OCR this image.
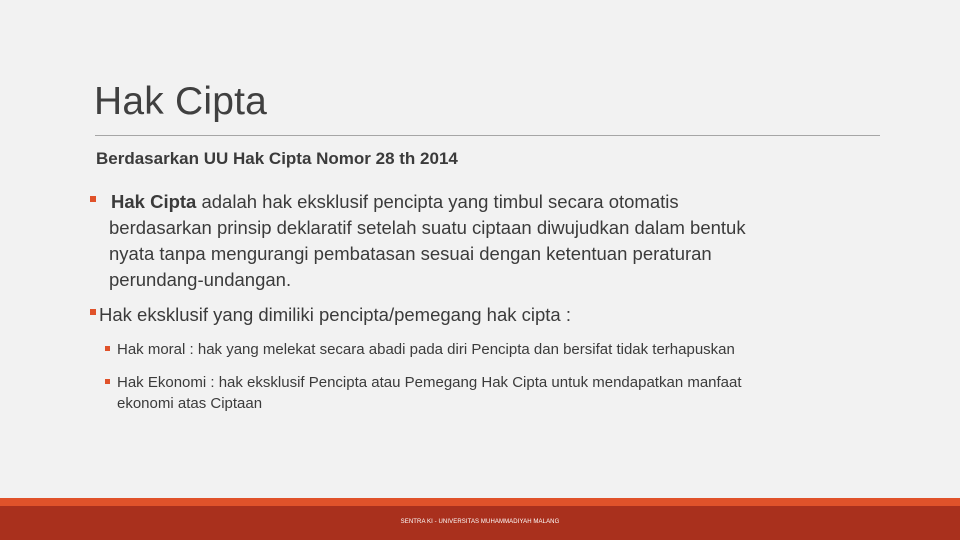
Hak Cipta
Berdasarkan UU Hak Cipta Nomor 28 th 2014
Hak Cipta adalah hak eksklusif pencipta yang timbul secara otomatis
berdasarkan prinsip deklaratif setelah suatu ciptaan diwujudkan dalam bentuk
nyata tanpa mengurangi pembatasan sesuai dengan ketentuan peraturan
perundang-undangan.
Hak eksklusif yang dimiliki pencipta/pemegang hak cipta :
Hak moral : hak yang melekat secara abadi pada diri Pencipta dan bersifat tidak terhapuskan
Hak Ekonomi : hak eksklusif Pencipta atau Pemegang Hak Cipta untuk mendapatkan manfaat
ekonomi atas Ciptaan
SENTRA KI - UNIVERSITAS MUHAMMADIYAH MALANG
